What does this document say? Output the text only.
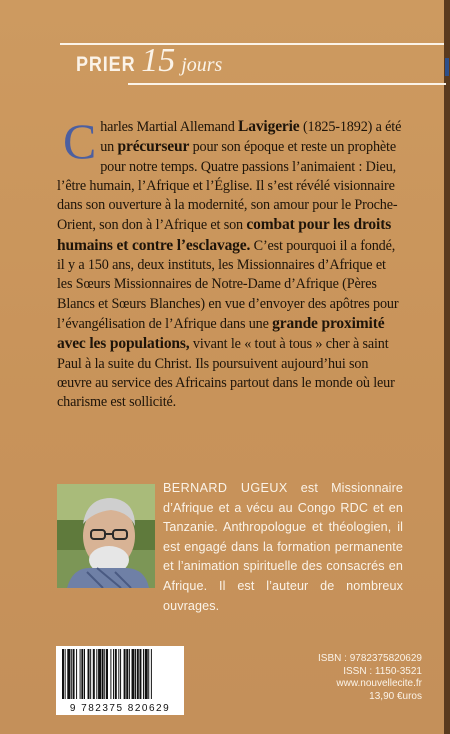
PRIER 15 jours

Charles Martial Allemand Lavigerie (1825-1892) a été un précurseur pour son époque et reste un prophète pour notre temps. Quatre passions l’animaient : Dieu, l’être humain, l’Afrique et l’Église. Il s’est révélé visionnaire dans son ouverture à la modernité, son amour pour le Proche-Orient, son don à l’Afrique et son combat pour les droits humains et contre l’esclavage. C’est pourquoi il a fondé, il y a 150 ans, deux instituts, les Missionnaires d’Afrique et les Sœurs Missionnaires de Notre-Dame d’Afrique (Pères Blancs et Sœurs Blanches) en vue d’envoyer des apôtres pour l’évangélisation de l’Afrique dans une grande proximité avec les populations, vivant le « tout à tous » cher à saint Paul à la suite du Christ. Ils poursuivent aujourd’hui son œuvre au service des Africains partout dans le monde où leur charisme est sollicité.

BERNARD UGEUX est Missionnaire d’Afrique et a vécu au Congo RDC et en Tanzanie. Anthropologue et théologien, il est engagé dans la formation permanente et l’animation spirituelle des consacrés en Afrique. Il est l’auteur de nombreux ouvrages.
9 782375 820629
ISBN : 9782375820629
ISSN : 1150-3521
www.nouvellecite.fr
13,90 €uros
